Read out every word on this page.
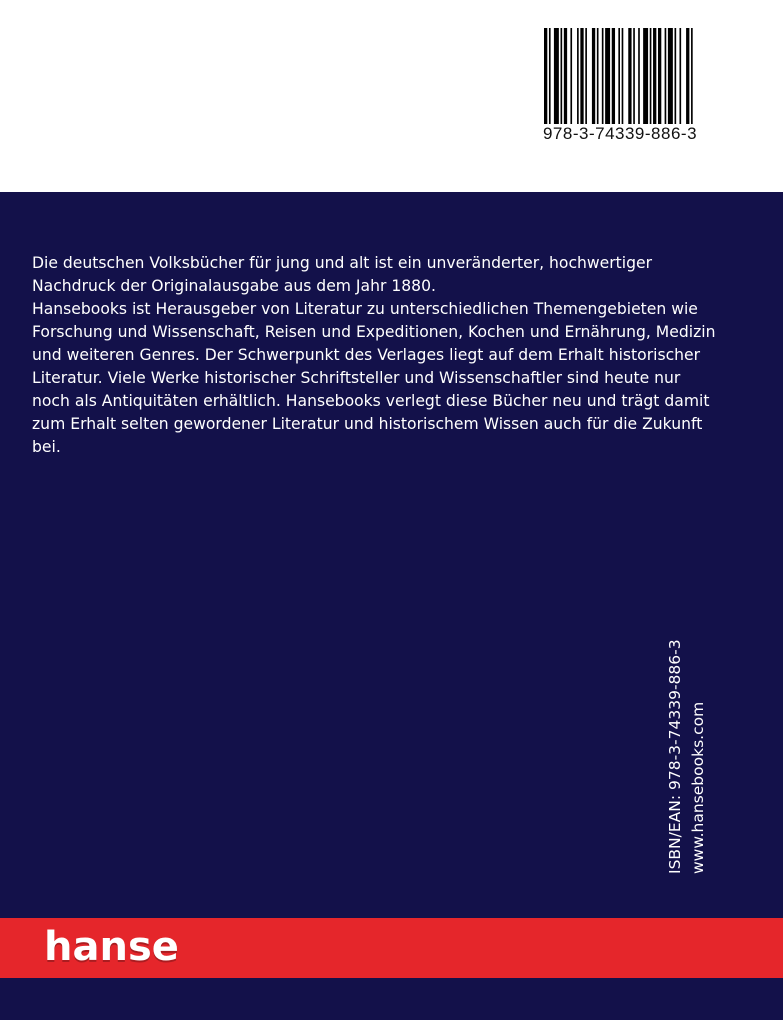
978-3-74339-886-3

Die deutschen Volksbücher für jung und alt ist ein unveränderter, hochwertiger Nachdruck der Originalausgabe aus dem Jahr 1880.

Hansebooks ist Herausgeber von Literatur zu unterschiedlichen Themengebieten wie Forschung und Wissenschaft, Reisen und Expeditionen, Kochen und Ernährung, Medizin und weiteren Genres. Der Schwerpunkt des Verlages liegt auf dem Erhalt historischer Literatur. Viele Werke historischer Schriftsteller und Wissenschaftler sind heute nur noch als Antiquitäten erhältlich. Hansebooks verlegt diese Bücher neu und trägt damit zum Erhalt selten gewordener Literatur und historischem Wissen auch für die Zukunft bei.

ISBN/EAN: 978-3-74339-886-3 www.hansebooks.com
hanse
